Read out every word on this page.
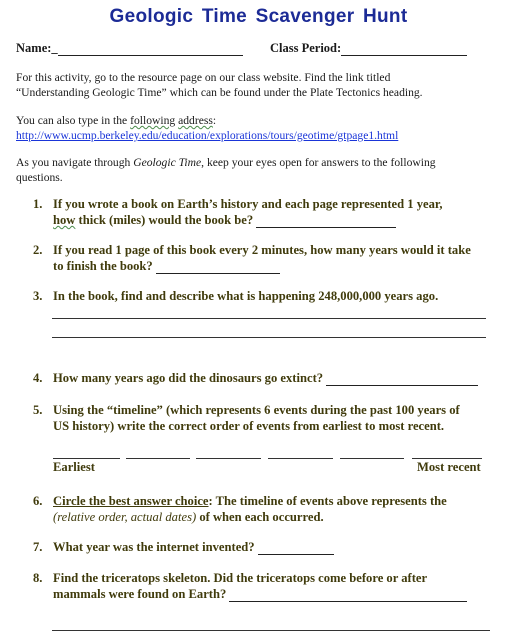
Geologic Time Scavenger Hunt
Name:_	Class Period:
For this activity, go to the resource page on our class website. Find the link titled
“Understanding Geologic Time” which can be found under the Plate Tectonics heading.
You can also type in the following address:
http://www.ucmp.berkeley.edu/education/explorations/tours/geotime/gtpage1.html
As you navigate through Geologic Time, keep your eyes open for answers to the following
questions.
1. If you wrote a book on Earth’s history and each page represented 1 year,
how thick (miles) would the book be?
2. If you read 1 page of this book every 2 minutes, how many years would it take
to finish the book?
3. In the book, find and describe what is happening 248,000,000 years ago.
4. How many years ago did the dinosaurs go extinct?
5. Using the “timeline” (which represents 6 events during the past 100 years of
US history) write the correct order of events from earliest to most recent.
Earliest	Most recent
6. Circle the best answer choice: The timeline of events above represents the
(relative order, actual dates) of when each occurred.
7. What year was the internet invented?
8. Find the triceratops skeleton. Did the triceratops come before or after
mammals were found on Earth?
